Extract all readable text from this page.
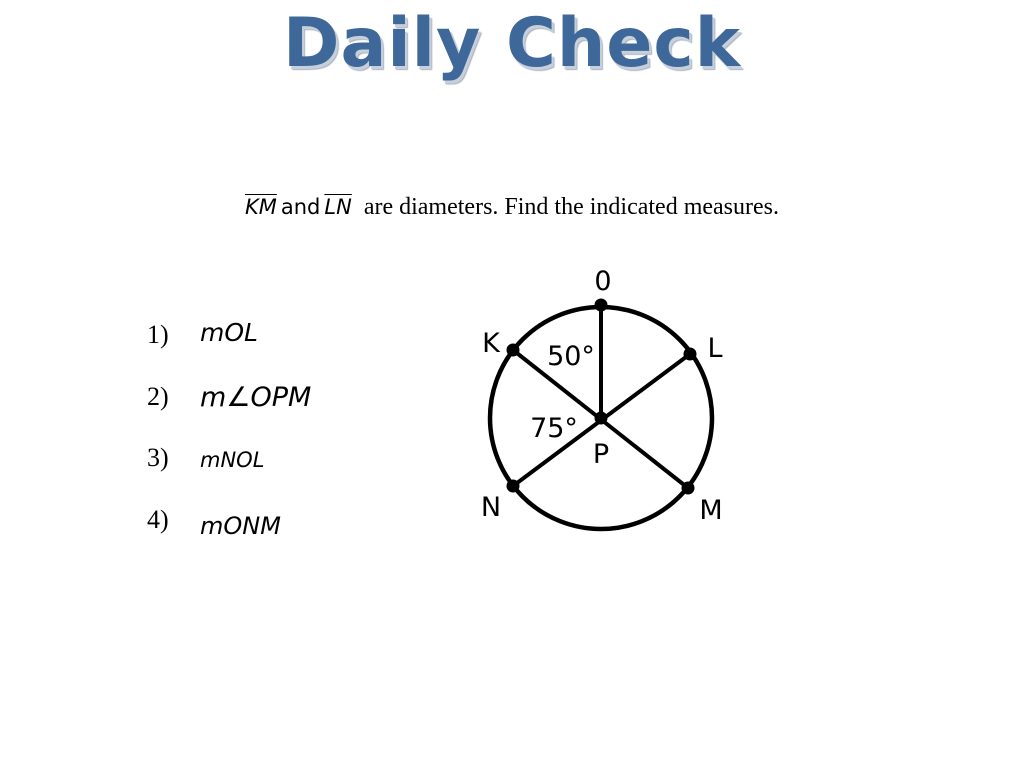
Daily Check
$\overline{KM}$ and $\overline{LN}$ are diameters. Find the indicated measures.
1) mOL
2) m∠OPM
3) mNOL
4) mONM
0
K	L
N	M
P
50°
75°
